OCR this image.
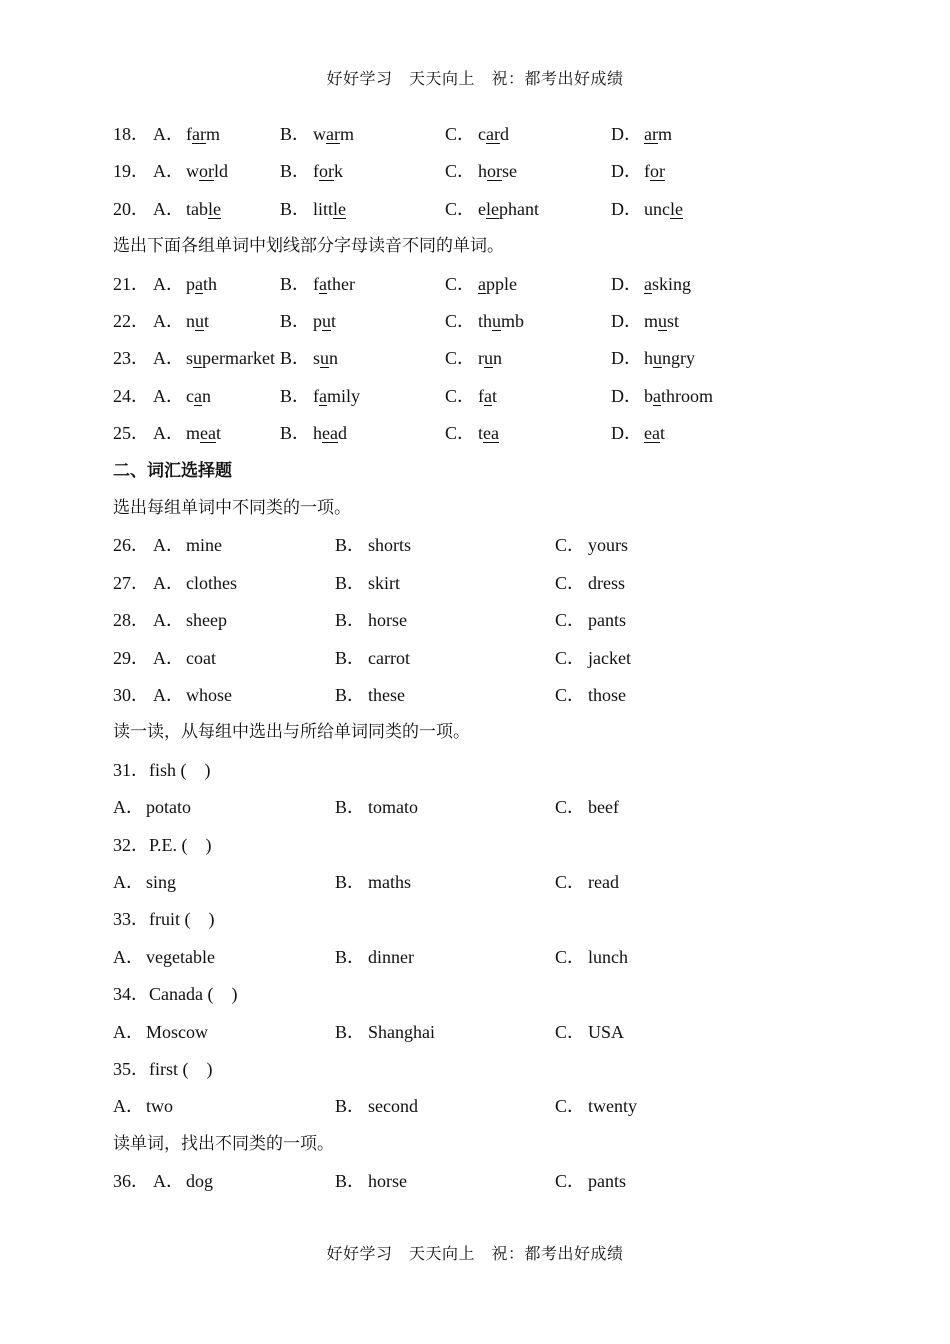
好好学习　天天向上　祝：都考出好成绩
18． A． farm	B． warm	C． card	D． arm
19． A． world	B． fork	C． horse	D． for
20． A． table	B． little	C． elephant	D． uncle
选出下面各组单词中划线部分字母读音不同的单词。
21． A． path	B． father	C． apple	D． asking
22． A． nut	B． put	C． thumb	D． must
23． A． supermarket B． sun	C． run	D． hungry
24． A． can	B． family	C． fat	D． bathroom
25． A． meat	B． head	C． tea	D． eat
二、词汇选择题
选出每组单词中不同类的一项。
26． A． mine	B． shorts	C． yours
27． A． clothes	B． skirt	C． dress
28． A． sheep	B． horse	C． pants
29． A． coat	B． carrot	C． jacket
30． A． whose	B． these	C． those
读一读，从每组中选出与所给单词同类的一项。
31．fish (　)
A． potato	B． tomato	C． beef
32．P.E. (　)
A． sing	B． maths	C． read
33．fruit (　)
A． vegetable	B． dinner	C． lunch
34．Canada (　)
A． Moscow	B． Shanghai	C． USA
35．first (　)
A． two	B． second	C． twenty
读单词，找出不同类的一项。
36． A． dog	B． horse	C． pants
好好学习　天天向上　祝：都考出好成绩
